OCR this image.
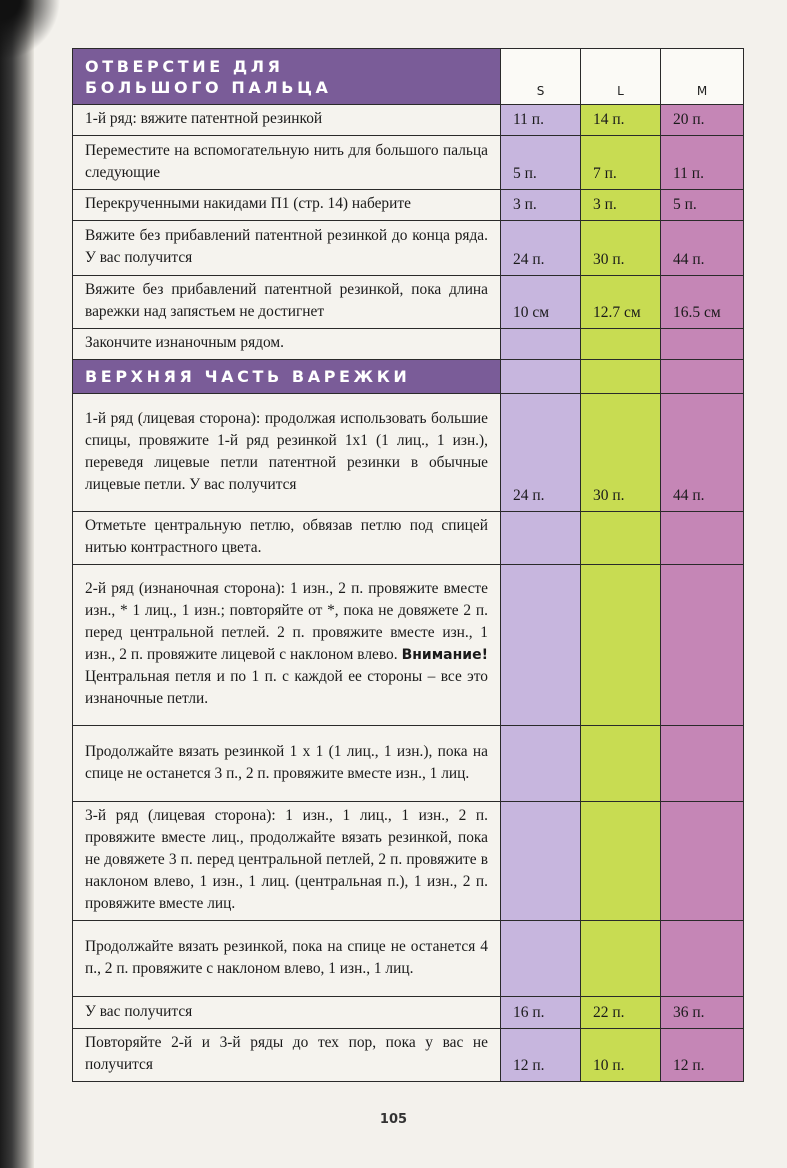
ОТВЕРСТИЕ ДЛЯ
БОЛЬШОГО ПАЛЬЦА	S	L	M
1-й ряд: вяжите патентной резинкой	11 п.	14 п.	20 п.
Переместите на вспомогательную нить для большого пальца следующие	5 п.	7 п.	11 п.
Перекрученными накидами П1 (стр. 14) наберите	3 п.	3 п.	5 п.
Вяжите без прибавлений патентной резинкой до конца ряда. У вас получится	24 п.	30 п.	44 п.
Вяжите без прибавлений патентной резинкой, пока длина варежки над запястьем не достигнет	10 см	12.7 см	16.5 см
Закончите изнаночным рядом.			
ВЕРХНЯЯ ЧАСТЬ ВАРЕЖКИ			
1-й ряд (лицевая сторона): продолжая использовать большие спицы, провяжите 1-й ряд резинкой 1х1 (1 лиц., 1 изн.), переведя лицевые петли патентной резинки в обычные лицевые петли. У вас получится	24 п.	30 п.	44 п.
Отметьте центральную петлю, обвязав петлю под спицей нитью контрастного цвета.			
2-й ряд (изнаночная сторона): 1 изн., 2 п. провяжите вместе изн., * 1 лиц., 1 изн.; повторяйте от *, пока не довяжете 2 п. перед центральной петлей. 2 п. провяжите вместе изн., 1 изн., 2 п. провяжите лицевой с наклоном влево. Внимание! Центральная петля и по 1 п. с каждой ее стороны – все это изнаночные петли.			
Продолжайте вязать резинкой 1 х 1 (1 лиц., 1 изн.), пока на спице не останется 3 п., 2 п. провяжите вместе изн., 1 лиц.			
3-й ряд (лицевая сторона): 1 изн., 1 лиц., 1 изн., 2 п. провяжите вместе лиц., продолжайте вязать резинкой, пока не довяжете 3 п. перед центральной петлей, 2 п. провяжите в наклоном влево, 1 изн., 1 лиц. (центральная п.), 1 изн., 2 п. провяжите вместе лиц.			
Продолжайте вязать резинкой, пока на спице не останется 4 п., 2 п. провяжите с наклоном влево, 1 изн., 1 лиц.			
У вас получится	16 п.	22 п.	36 п.
Повторяйте 2-й и 3-й ряды до тех пор, пока у вас не получится	12 п.	10 п.	12 п.
105
